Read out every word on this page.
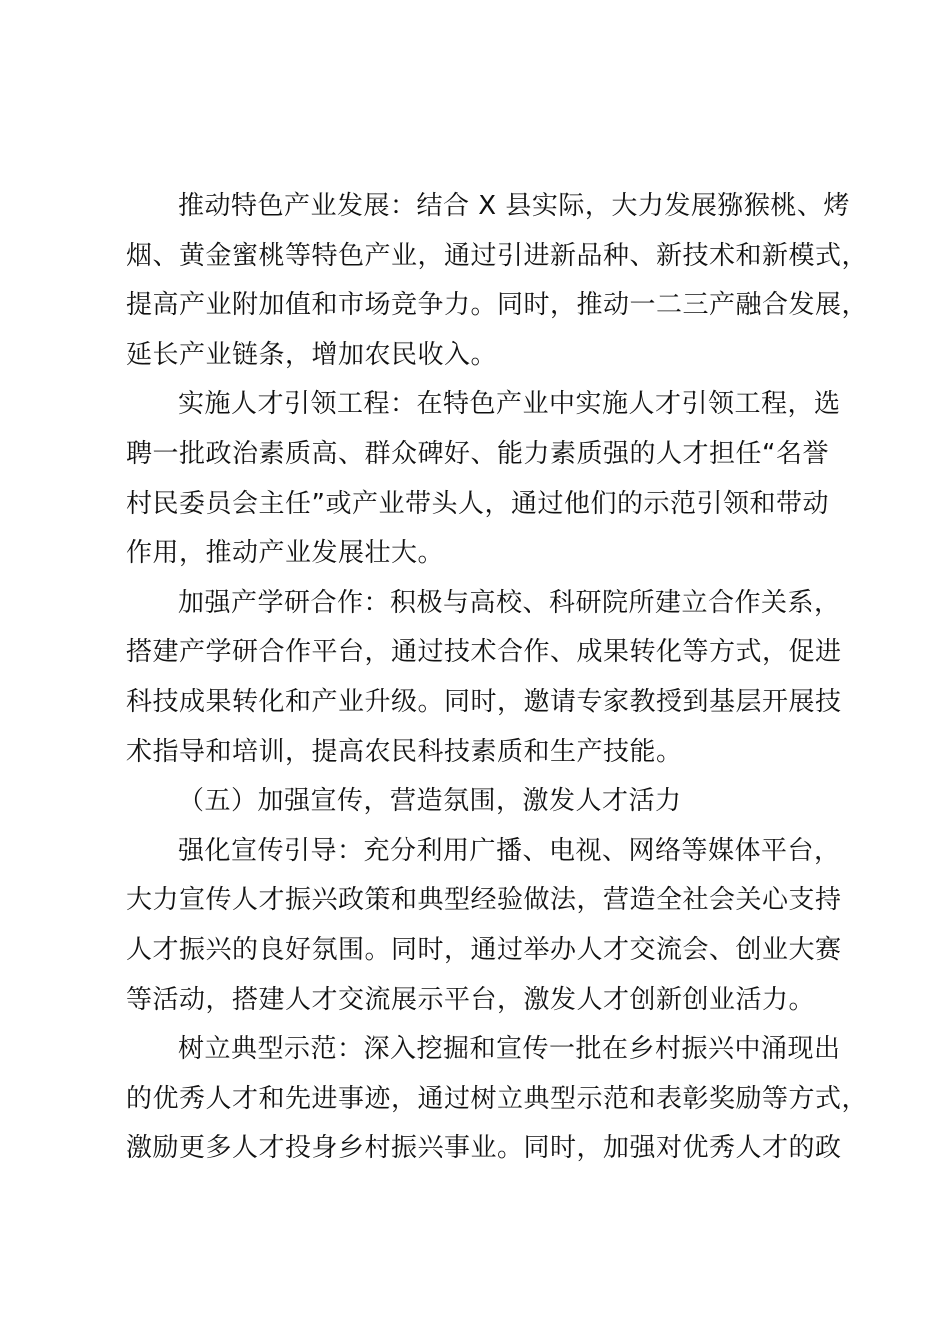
推动特色产业发展：结合 X 县实际，大力发展猕猴桃、烤
烟、黄金蜜桃等特色产业，通过引进新品种、新技术和新模式，
提高产业附加值和市场竞争力。同时，推动一二三产融合发展，
延长产业链条，增加农民收入。

实施人才引领工程：在特色产业中实施人才引领工程，选
聘一批政治素质高、群众碑好、能力素质强的人才担任“名誉
村民委员会主任”或产业带头人，通过他们的示范引领和带动
作用，推动产业发展壮大。

加强产学研合作：积极与高校、科研院所建立合作关系，
搭建产学研合作平台，通过技术合作、成果转化等方式，促进
科技成果转化和产业升级。同时，邀请专家教授到基层开展技
术指导和培训，提高农民科技素质和生产技能。

（五）加强宣传，营造氛围，激发人才活力

强化宣传引导：充分利用广播、电视、网络等媒体平台，
大力宣传人才振兴政策和典型经验做法，营造全社会关心支持
人才振兴的良好氛围。同时，通过举办人才交流会、创业大赛
等活动，搭建人才交流展示平台，激发人才创新创业活力。

树立典型示范：深入挖掘和宣传一批在乡村振兴中涌现出
的优秀人才和先进事迹，通过树立典型示范和表彰奖励等方式，
激励更多人才投身乡村振兴事业。同时，加强对优秀人才的政
